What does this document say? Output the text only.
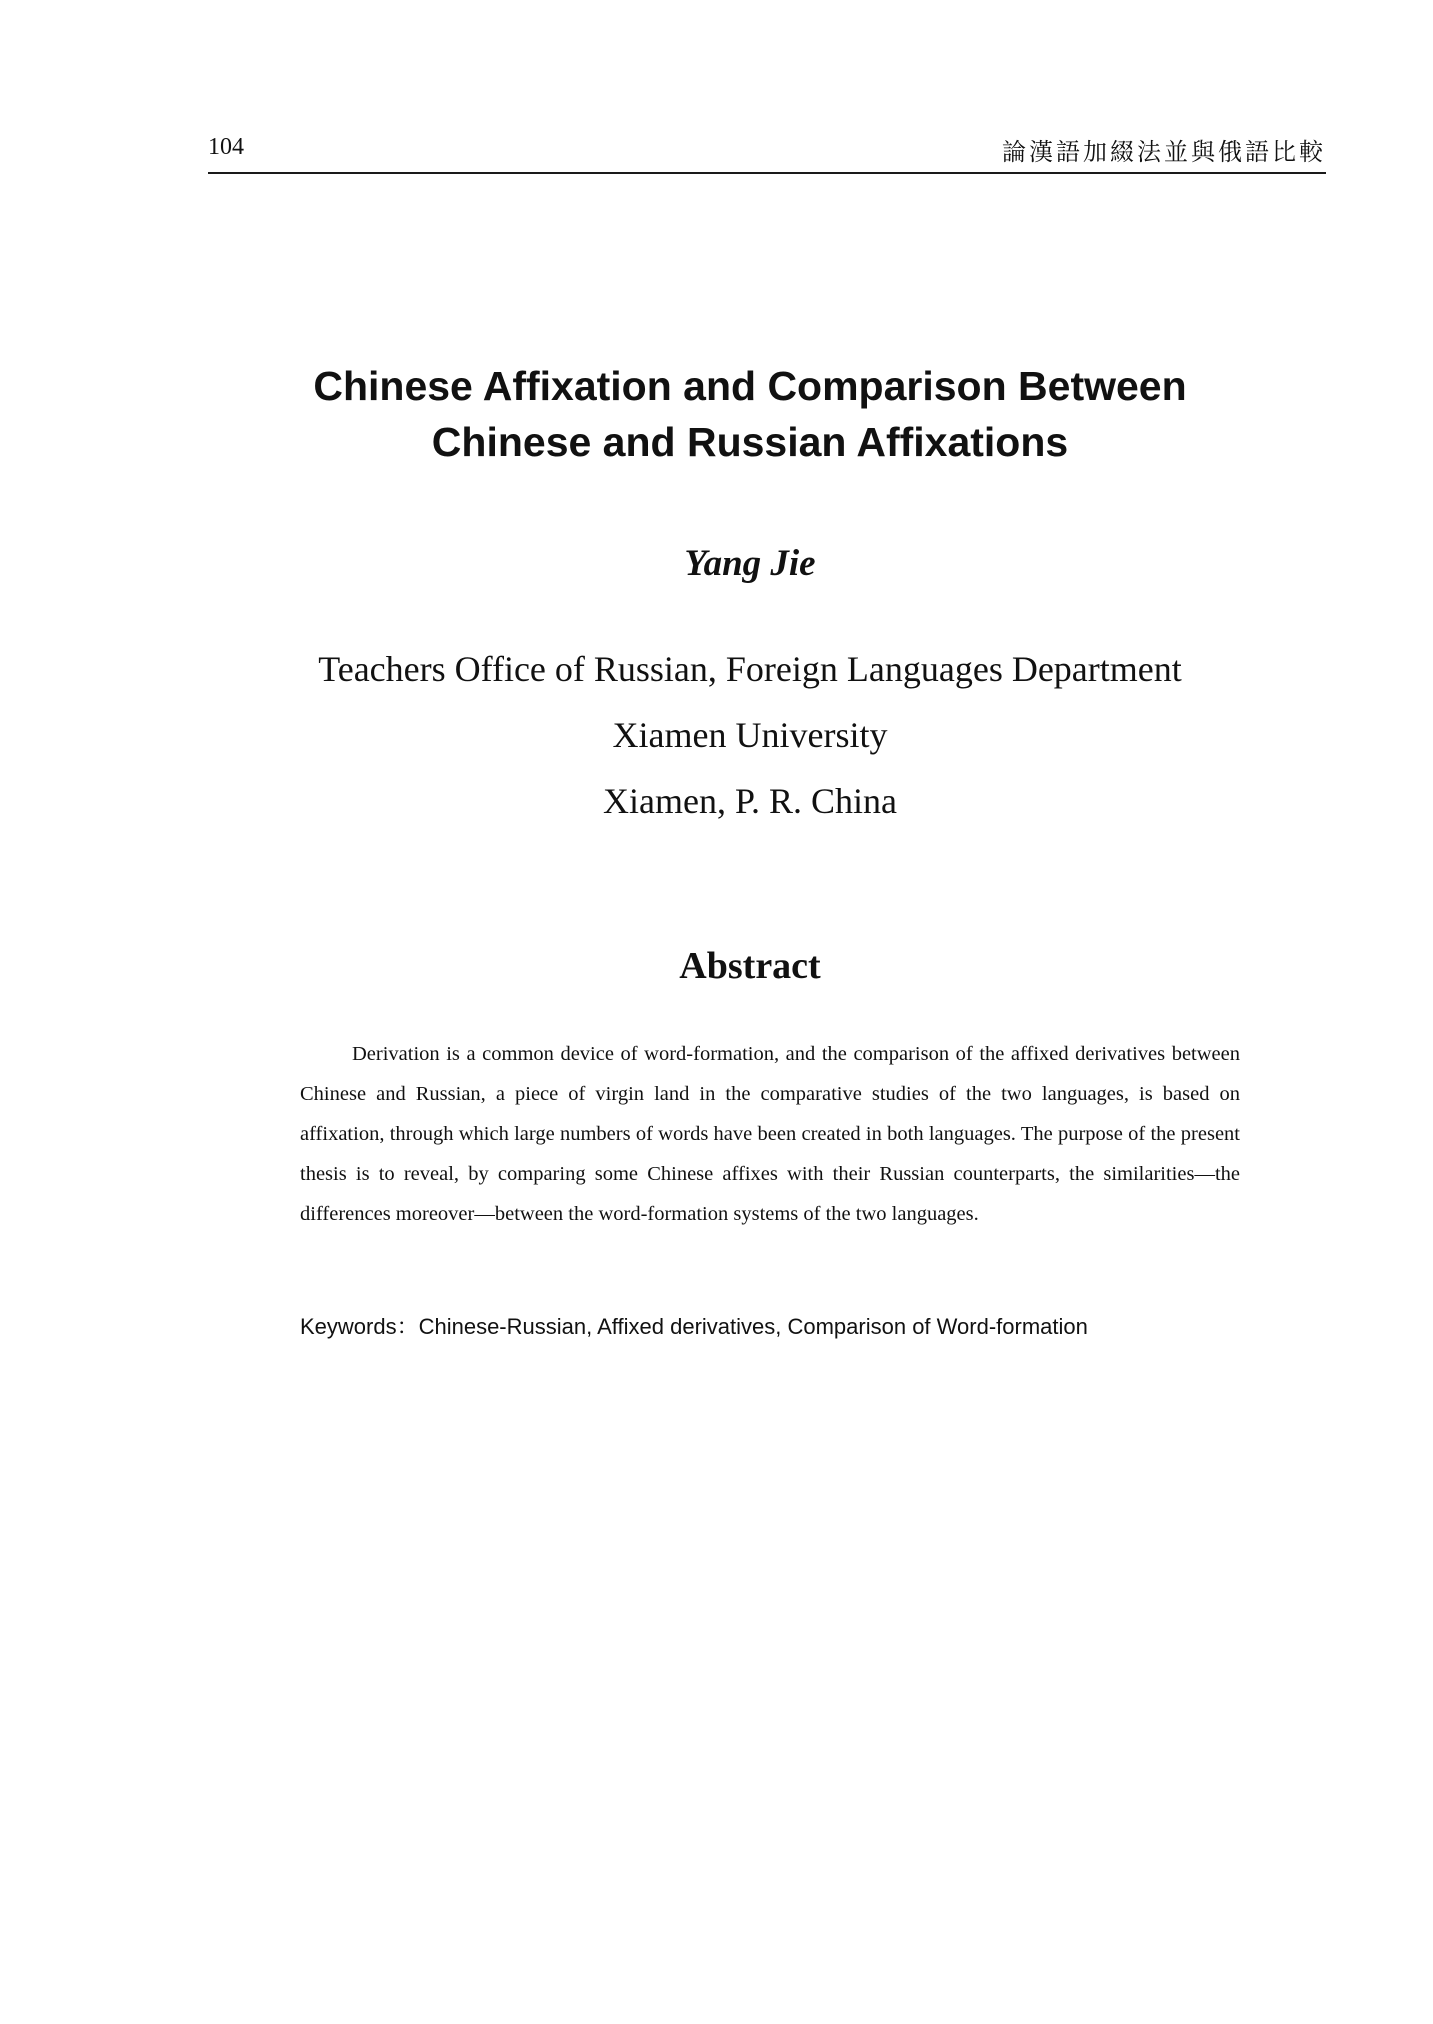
104	論漢語加綴法並與俄語比較
Chinese Affixation and Comparison Between
Chinese and Russian Affixations
Yang Jie
Teachers Office of Russian, Foreign Languages Department
Xiamen University
Xiamen, P. R. China
Abstract

Derivation is a common device of word-formation, and the comparison of the affixed derivatives between Chinese and Russian, a piece of virgin land in the comparative studies of the two languages, is based on affixation, through which large numbers of words have been created in both languages. The purpose of the present thesis is to reveal, by comparing some Chinese affixes with their Russian counterparts, the similarities—the differences moreover—between the word-formation systems of the two languages.

Keywords：Chinese-Russian, Affixed derivatives, Comparison of Word-formation
